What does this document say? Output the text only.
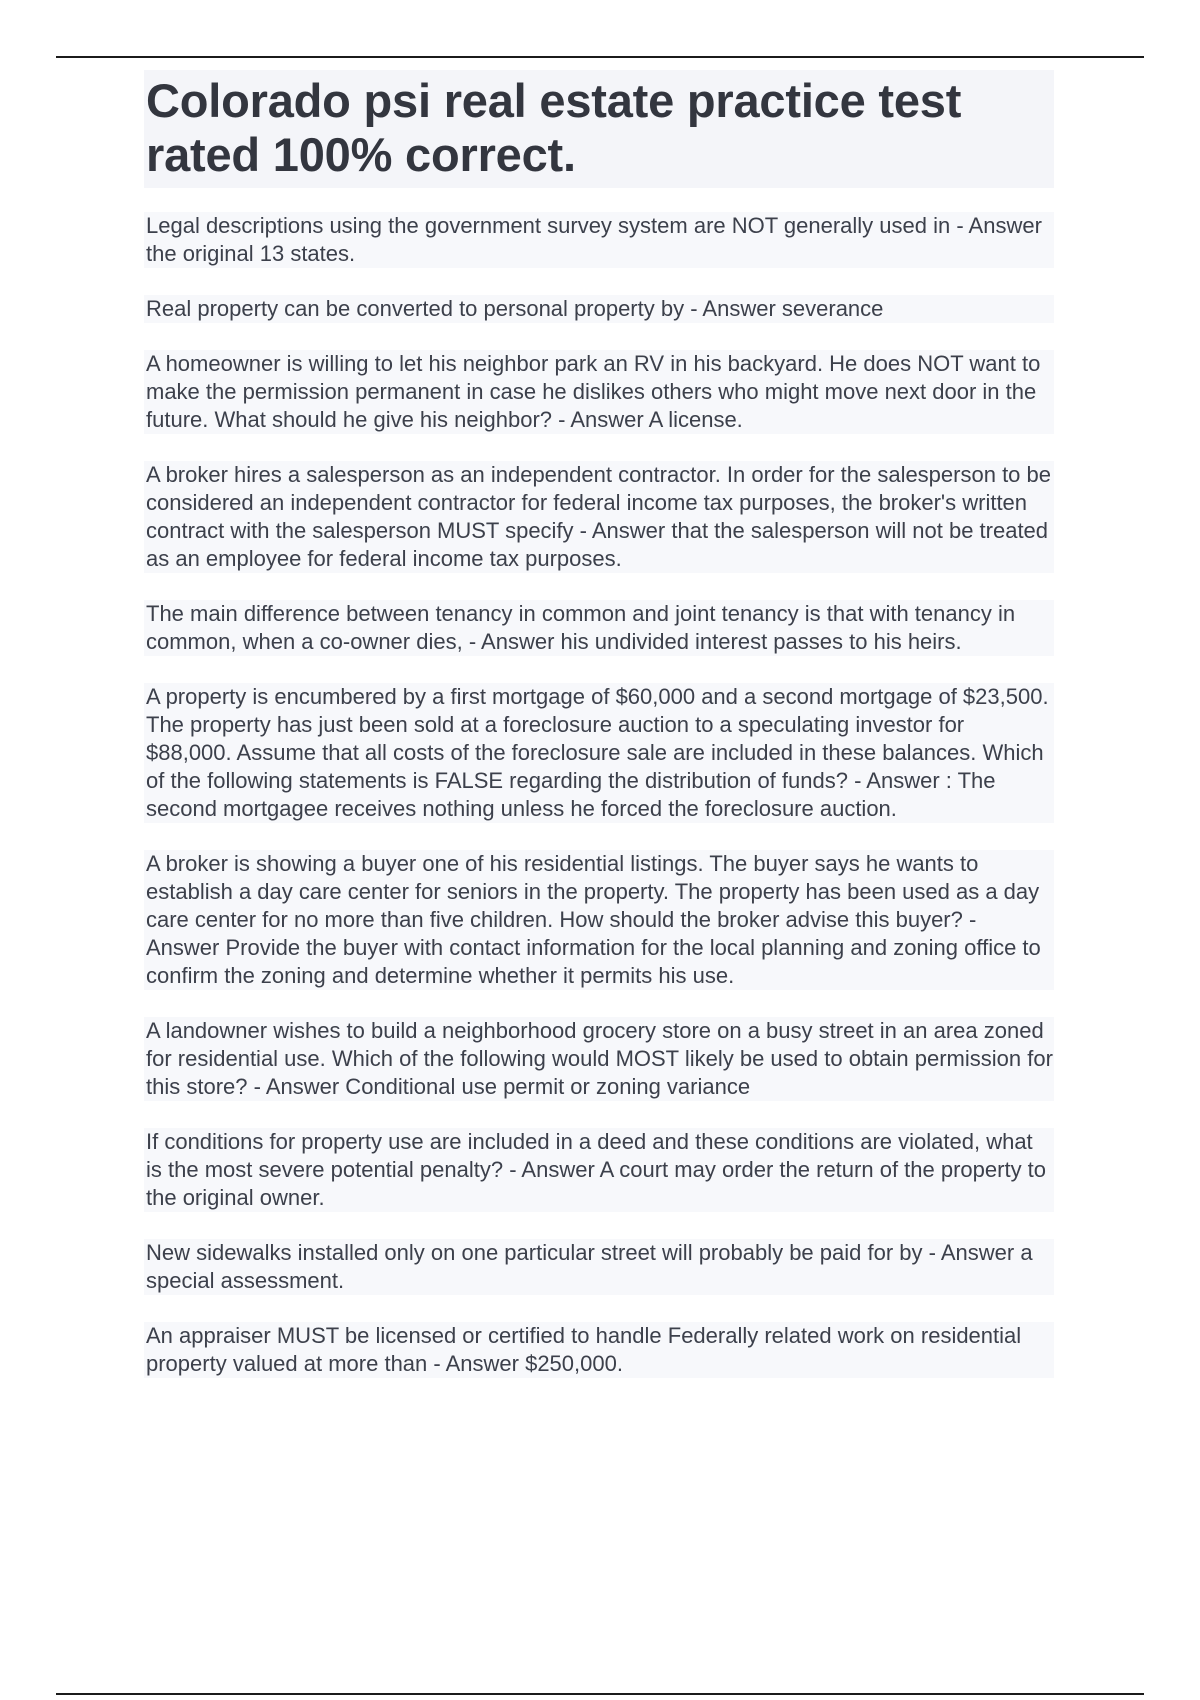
Colorado psi real estate practice test rated 100% correct.

Legal descriptions using the government survey system are NOT generally used in - Answer the original 13 states.

Real property can be converted to personal property by - Answer severance

A homeowner is willing to let his neighbor park an RV in his backyard. He does NOT want to make the permission permanent in case he dislikes others who might move next door in the future. What should he give his neighbor? - Answer A license.

A broker hires a salesperson as an independent contractor. In order for the salesperson to be considered an independent contractor for federal income tax purposes, the broker's written contract with the salesperson MUST specify - Answer that the salesperson will not be treated as an employee for federal income tax purposes.

The main difference between tenancy in common and joint tenancy is that with tenancy in common, when a co-owner dies, - Answer his undivided interest passes to his heirs.

A property is encumbered by a first mortgage of $60,000 and a second mortgage of $23,500. The property has just been sold at a foreclosure auction to a speculating investor for $88,000. Assume that all costs of the foreclosure sale are included in these balances. Which of the following statements is FALSE regarding the distribution of funds? - Answer : The second mortgagee receives nothing unless he forced the foreclosure auction.

A broker is showing a buyer one of his residential listings. The buyer says he wants to establish a day care center for seniors in the property. The property has been used as a day care center for no more than five children. How should the broker advise this buyer? - Answer Provide the buyer with contact information for the local planning and zoning office to confirm the zoning and determine whether it permits his use.

A landowner wishes to build a neighborhood grocery store on a busy street in an area zoned for residential use. Which of the following would MOST likely be used to obtain permission for this store? - Answer Conditional use permit or zoning variance

If conditions for property use are included in a deed and these conditions are violated, what is the most severe potential penalty? - Answer A court may order the return of the property to the original owner.

New sidewalks installed only on one particular street will probably be paid for by - Answer a special assessment.

An appraiser MUST be licensed or certified to handle Federally related work on residential property valued at more than - Answer $250,000.
